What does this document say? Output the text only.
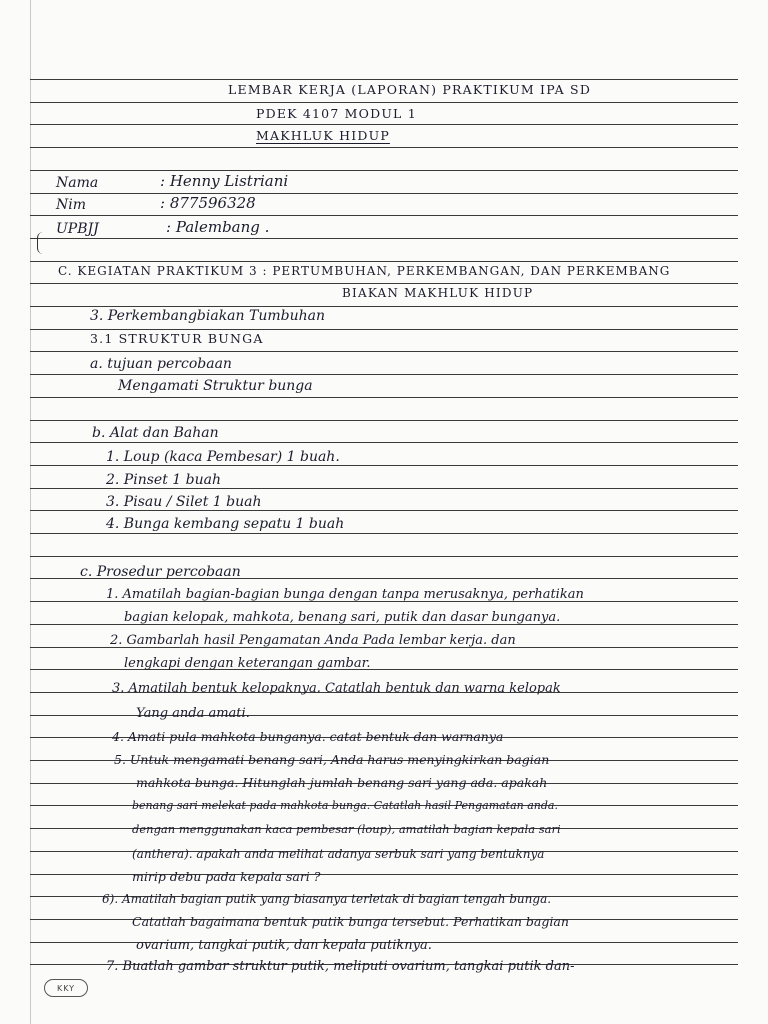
LEMBAR KERJA (LAPORAN) PRAKTIKUM IPA SD
PDEK 4107 MODUL 1
MAKHLUK HIDUP
Nama	: Henny Listriani
Nim	: 877596328
UPBJJ	: Palembang .
C. KEGIATAN PRAKTIKUM 3 : PERTUMBUHAN, PERKEMBANGAN, DAN PERKEMBANG
BIAKAN MAKHLUK HIDUP
3. Perkembangbiakan Tumbuhan
3.1 STRUKTUR BUNGA
a. tujuan percobaan
Mengamati Struktur bunga
b. Alat dan Bahan
1. Loup (kaca Pembesar) 1 buah.
2. Pinset 1 buah
3. Pisau / Silet 1 buah
4. Bunga kembang sepatu 1 buah
c. Prosedur percobaan
1. Amatilah bagian-bagian bunga dengan tanpa merusaknya, perhatikan
bagian kelopak, mahkota, benang sari, putik dan dasar bunganya.
2. Gambarlah hasil Pengamatan Anda Pada lembar kerja. dan
lengkapi dengan keterangan gambar.
3. Amatilah bentuk kelopaknya. Catatlah bentuk dan warna kelopak
Yang anda amati.
4. Amati pula mahkota bunganya. catat bentuk dan warnanya
5. Untuk mengamati benang sari, Anda harus menyingkirkan bagian
mahkota bunga. Hitunglah jumlah benang sari yang ada. apakah
benang sari melekat pada mahkota bunga. Catatlah hasil Pengamatan anda.
dengan menggunakan kaca pembesar (loup), amatilah bagian kepala sari
(anthera). apakah anda melihat adanya serbuk sari yang bentuknya
mirip debu pada kepala sari ?
6). Amatilah bagian putik yang biasanya terletak di bagian tengah bunga.
Catatlah bagaimana bentuk putik bunga tersebut. Perhatikan bagian
ovarium, tangkai putik, dan kepala putiknya.
7. Buatlah gambar struktur putik, meliputi ovarium, tangkai putik dan-
KKY
